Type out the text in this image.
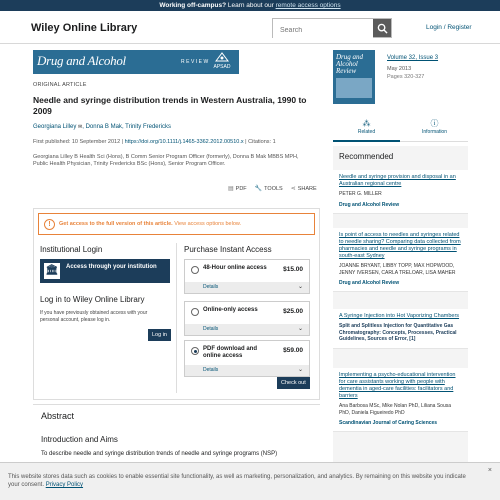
Working off-campus? Learn about our remote access options
Wiley Online Library
Search	Login / Register
Drug and Alcohol	REVIEW
APSAD
ORIGINAL ARTICLE
Needle and syringe distribution trends in Western Australia, 1990 to 2009
Georgiana Lilley ✉, Donna B Mak, Trinity Fredericks
First published: 10 September 2012 | https://doi.org/10.1111/j.1465-3362.2012.00510.x | Citations: 1
Georgiana Lilley B Health Sci (Hons), B Comm Senior Program Officer (formerly), Donna B Mak MBBS MPH, Public Health Physician, Trinity Fredericks BSc (Hons), Senior Program Officer.
▤ PDF 🔧 TOOLS ⋖ SHARE
!	Get access to the full version of this article. View access options below.
Institutional Login
🏛 Access through your institution
Log in to Wiley Online Library
If you have previously obtained access with your personal account, please log in.
Log in
Purchase Instant Access
48-Hour online access	$15.00
Details	⌄
Online-only access	$25.00
Details	⌄
PDF download and online access
$59.00
Details	⌄
Check out
Abstract
Introduction and Aims
To describe needle and syringe distribution trends of needle and syringe programs (NSP)
Drug and Alcohol Review
Volume 32, Issue 3
May 2013
Pages 320-327
⁂
Related
ⓘ
Information
Recommended
Needle and syringe provision and disposal in an Australian regional centre
PETER G. MILLER
Drug and Alcohol Review
Is point of access to needles and syringes related to needle sharing? Comparing data collected from pharmacies and needle and syringe programs in south-east Sydney
JOANNE BRYANT, LIBBY TOPP, MAX HOPWOOD, JENNY IVERSEN, CARLA TRELOAR, LISA MAHER
Drug and Alcohol Review
A Syringe Injection into Hot Vaporizing Chambers
Split and Splitless Injection for Quantitative Gas Chromatography: Concepts, Processes, Practical Guidelines, Sources of Error, [1]
Implementing a psycho-educational intervention for care assistants working with people with dementia in aged-care facilities: facilitators and barriers
Ana Barbosa MSc, Mike Nolan PhD, Liliana Sousa PhD, Daniela Figueiredo PhD
Scandinavian Journal of Caring Sciences
This website stores data such as cookies to enable essential site functionality, as well as marketing, personalization, and analytics. By remaining on this website you indicate your consent. Privacy Policy
×
